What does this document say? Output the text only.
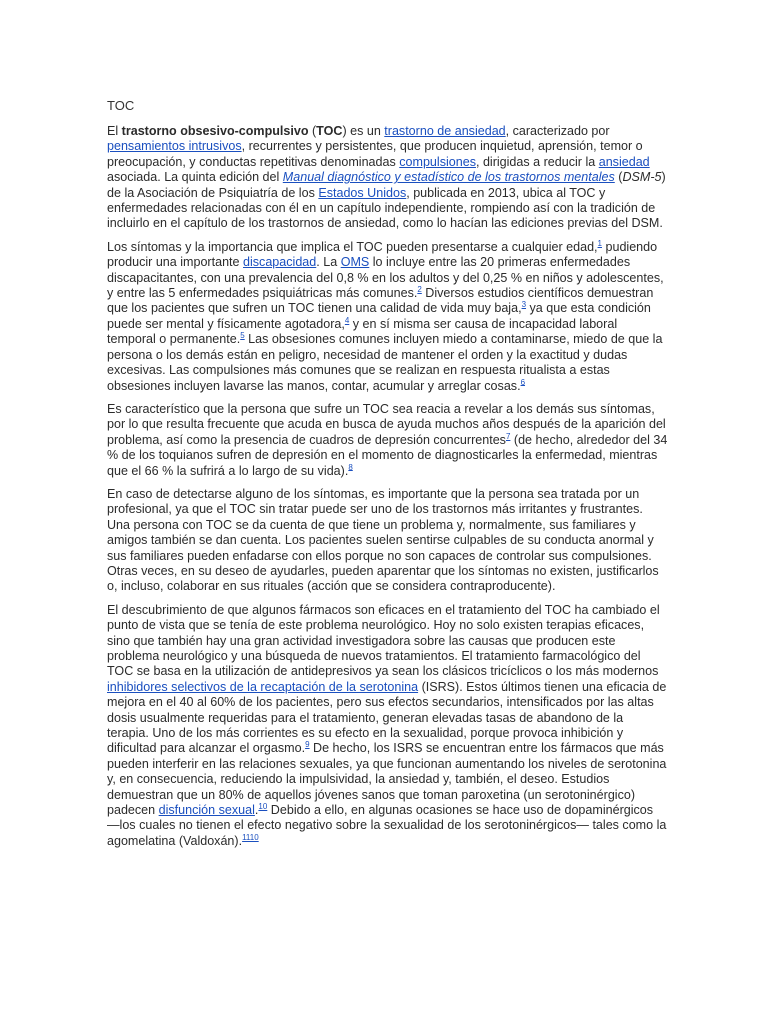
TOC

El trastorno obsesivo-compulsivo (TOC) es un trastorno de ansiedad, caracterizado por pensamientos intrusivos, recurrentes y persistentes, que producen inquietud, aprensión, temor o preocupación, y conductas repetitivas denominadas compulsiones, dirigidas a reducir la ansiedad asociada. La quinta edición del Manual diagnóstico y estadístico de los trastornos mentales (DSM-5) de la Asociación de Psiquiatría de los Estados Unidos, publicada en 2013, ubica al TOC y enfermedades relacionadas con él en un capítulo independiente, rompiendo así con la tradición de incluirlo en el capítulo de los trastornos de ansiedad, como lo hacían las ediciones previas del DSM.

Los síntomas y la importancia que implica el TOC pueden presentarse a cualquier edad,$^1$ pudiendo producir una importante discapacidad. La OMS lo incluye entre las 20 primeras enfermedades discapacitantes, con una prevalencia del 0,8 % en los adultos y del 0,25 % en niños y adolescentes, y entre las 5 enfermedades psiquiátricas más comunes.$^2$ Diversos estudios científicos demuestran que los pacientes que sufren un TOC tienen una calidad de vida muy baja,$^3$ ya que esta condición puede ser mental y físicamente agotadora,$^4$ y en sí misma ser causa de incapacidad laboral temporal o permanente.$^5$ Las obsesiones comunes incluyen miedo a contaminarse, miedo de que la persona o los demás están en peligro, necesidad de mantener el orden y la exactitud y dudas excesivas. Las compulsiones más comunes que se realizan en respuesta ritualista a estas obsesiones incluyen lavarse las manos, contar, acumular y arreglar cosas.$^6$

Es característico que la persona que sufre un TOC sea reacia a revelar a los demás sus síntomas, por lo que resulta frecuente que acuda en busca de ayuda muchos años después de la aparición del problema, así como la presencia de cuadros de depresión concurrentes$^7$ (de hecho, alrededor del 34 % de los toquianos sufren de depresión en el momento de diagnosticarles la enfermedad, mientras que el 66 % la sufrirá a lo largo de su vida).$^8$

En caso de detectarse alguno de los síntomas, es importante que la persona sea tratada por un profesional, ya que el TOC sin tratar puede ser uno de los trastornos más irritantes y frustrantes. Una persona con TOC se da cuenta de que tiene un problema y, normalmente, sus familiares y amigos también se dan cuenta. Los pacientes suelen sentirse culpables de su conducta anormal y sus familiares pueden enfadarse con ellos porque no son capaces de controlar sus compulsiones. Otras veces, en su deseo de ayudarles, pueden aparentar que los síntomas no existen, justificarlos o, incluso, colaborar en sus rituales (acción que se considera contraproducente).

El descubrimiento de que algunos fármacos son eficaces en el tratamiento del TOC ha cambiado el punto de vista que se tenía de este problema neurológico. Hoy no solo existen terapias eficaces, sino que también hay una gran actividad investigadora sobre las causas que producen este problema neurológico y una búsqueda de nuevos tratamientos. El tratamiento farmacológico del TOC se basa en la utilización de antidepresivos ya sean los clásicos tricíclicos o los más modernos inhibidores selectivos de la recaptación de la serotonina (ISRS). Estos últimos tienen una eficacia de mejora en el 40 al 60% de los pacientes, pero sus efectos secundarios, intensificados por las altas dosis usualmente requeridas para el tratamiento, generan elevadas tasas de abandono de la terapia. Uno de los más corrientes es su efecto en la sexualidad, porque provoca inhibición y dificultad para alcanzar el orgasmo.$^9$ De hecho, los ISRS se encuentran entre los fármacos que más pueden interferir en las relaciones sexuales, ya que funcionan aumentando los niveles de serotonina y, en consecuencia, reduciendo la impulsividad, la ansiedad y, también, el deseo. Estudios demuestran que un 80% de aquellos jóvenes sanos que toman paroxetina (un serotoninérgico) padecen disfunción sexual.$^{10}$ Debido a ello, en algunas ocasiones se hace uso de dopaminérgicos —los cuales no tienen el efecto negativo sobre la sexualidad de los serotoninérgicos— tales como la agomelatina (Valdoxán).$^{1110}$
